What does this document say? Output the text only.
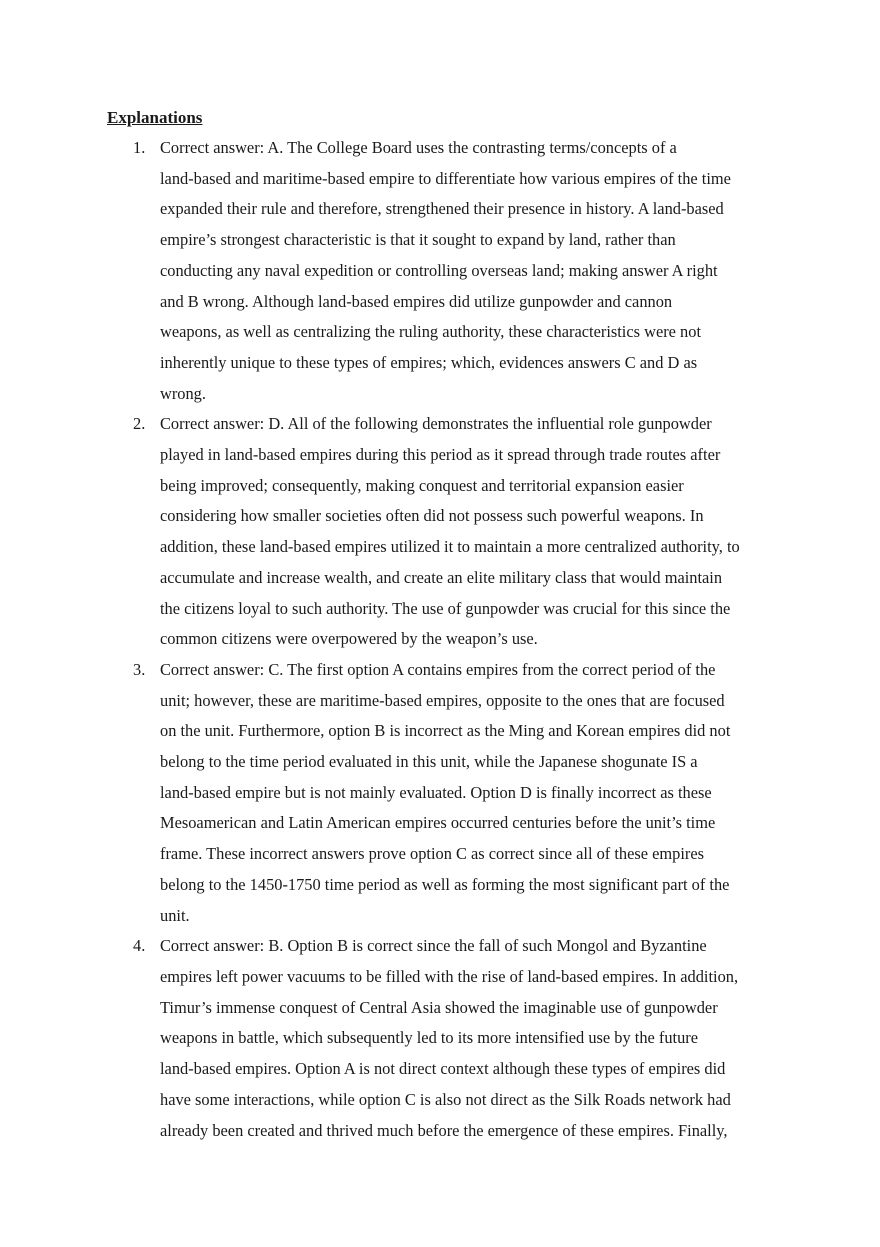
Explanations
1. Correct answer: A. The College Board uses the contrasting terms/concepts of a
land-based and maritime-based empire to differentiate how various empires of the time
expanded their rule and therefore, strengthened their presence in history. A land-based
empire’s strongest characteristic is that it sought to expand by land, rather than
conducting any naval expedition or controlling overseas land; making answer A right
and B wrong. Although land-based empires did utilize gunpowder and cannon
weapons, as well as centralizing the ruling authority, these characteristics were not
inherently unique to these types of empires; which, evidences answers C and D as
wrong.
2. Correct answer: D. All of the following demonstrates the influential role gunpowder
played in land-based empires during this period as it spread through trade routes after
being improved; consequently, making conquest and territorial expansion easier
considering how smaller societies often did not possess such powerful weapons. In
addition, these land-based empires utilized it to maintain a more centralized authority, to
accumulate and increase wealth, and create an elite military class that would maintain
the citizens loyal to such authority. The use of gunpowder was crucial for this since the
common citizens were overpowered by the weapon’s use.
3. Correct answer: C. The first option A contains empires from the correct period of the
unit; however, these are maritime-based empires, opposite to the ones that are focused
on the unit. Furthermore, option B is incorrect as the Ming and Korean empires did not
belong to the time period evaluated in this unit, while the Japanese shogunate IS a
land-based empire but is not mainly evaluated. Option D is finally incorrect as these
Mesoamerican and Latin American empires occurred centuries before the unit’s time
frame. These incorrect answers prove option C as correct since all of these empires
belong to the 1450-1750 time period as well as forming the most significant part of the
unit.
4. Correct answer: B. Option B is correct since the fall of such Mongol and Byzantine
empires left power vacuums to be filled with the rise of land-based empires. In addition,
Timur’s immense conquest of Central Asia showed the imaginable use of gunpowder
weapons in battle, which subsequently led to its more intensified use by the future
land-based empires. Option A is not direct context although these types of empires did
have some interactions, while option C is also not direct as the Silk Roads network had
already been created and thrived much before the emergence of these empires. Finally,
